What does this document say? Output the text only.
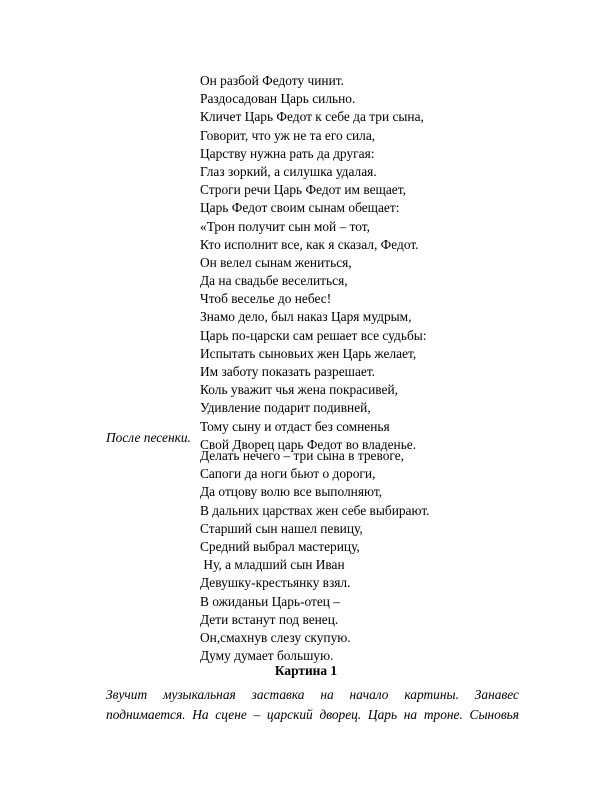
Он разбой Федоту чинит.
Раздосадован Царь сильно.
Кличет Царь Федот к себе да три сына,
Говорит, что уж не та его сила,
Царству нужна рать да другая:
Глаз зоркий, а силушка удалая.
Строги речи Царь Федот им вещает,
Царь Федот своим сынам обещает:
«Трон получит сын мой – тот,
Кто исполнит все, как я сказал, Федот.
Он велел сынам жениться,
Да на свадьбе веселиться,
Чтоб веселье до небес!
Знамо дело, был наказ Царя мудрым,
Царь по-царски сам решает все судьбы:
Испытать сыновьих жен Царь желает,
Им заботу показать разрешает.
Коль уважит чья жена покрасивей,
Удивление подарит подивней,
Тому сыну и отдаст без сомненья
Свой Дворец царь Федот во владенье.
После песенки.
Делать нечего – три сына в тревоге,
Сапоги да ноги бьют о дороги,
Да отцову волю все выполняют,
В дальних царствах жен себе выбирают.
Старший сын нашел певицу,
Средний выбрал мастерицу,
Ну, а младший сын Иван
Девушку-крестьянку взял.
В ожиданьи Царь-отец –
Дети встанут под венец.
Он,смахнув слезу скупую.
Думу думает большую.
Картина 1

Звучит музыкальная заставка на начало картины. Занавес
поднимается. На сцене – царский дворец. Царь на троне. Сыновья
